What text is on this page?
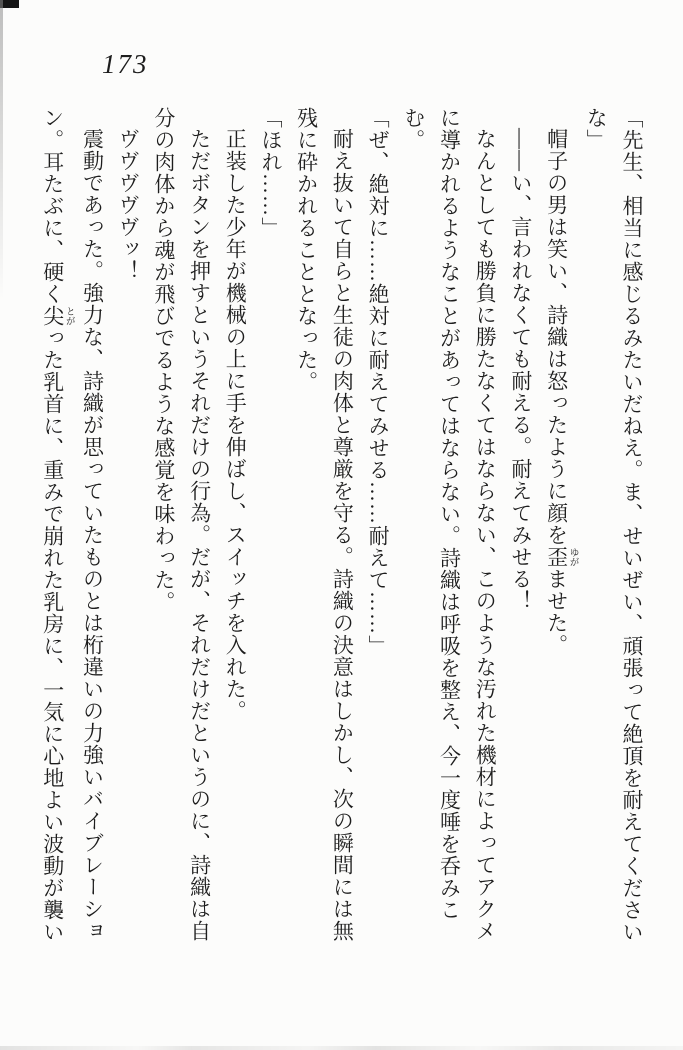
173

「先生、相当に感じるみたいだねえ。ま、せいぜい、頑張って絶頂を耐えてください

な」

帽子の男は笑い、詩織は怒ったように顔を歪 ゆがませた。

――い、言われなくても耐える。耐えてみせる！

なんとしても勝負に勝たなくてはならない、このような汚れた機材によってアクメ

に導かれるようなことがあってはならない。詩織は呼吸を整え、今一度唾を呑みこむ。

「ぜ、絶対に……絶対に耐えてみせる……耐えて……」

耐え抜いて自らと生徒の肉体と尊厳を守る。詩織の決意はしかし、次の瞬間には無

残に砕かれることとなった。

「ほれ……」

正装した少年が機械の上に手を伸ばし、スイッチを入れた。

ただボタンを押すというそれだけの行為。だが、それだけだというのに、詩織は自

分の肉体から魂が飛びでるような感覚を味わった。

ヴヴヴヴヴッ！

震動であった。強力な、詩織が思っていたものとは桁違いの力強いバイブレーショ

ン。耳たぶに、硬く尖 とがった乳首に、重みで崩れた乳房に、一気に心地よい波動が襲い
